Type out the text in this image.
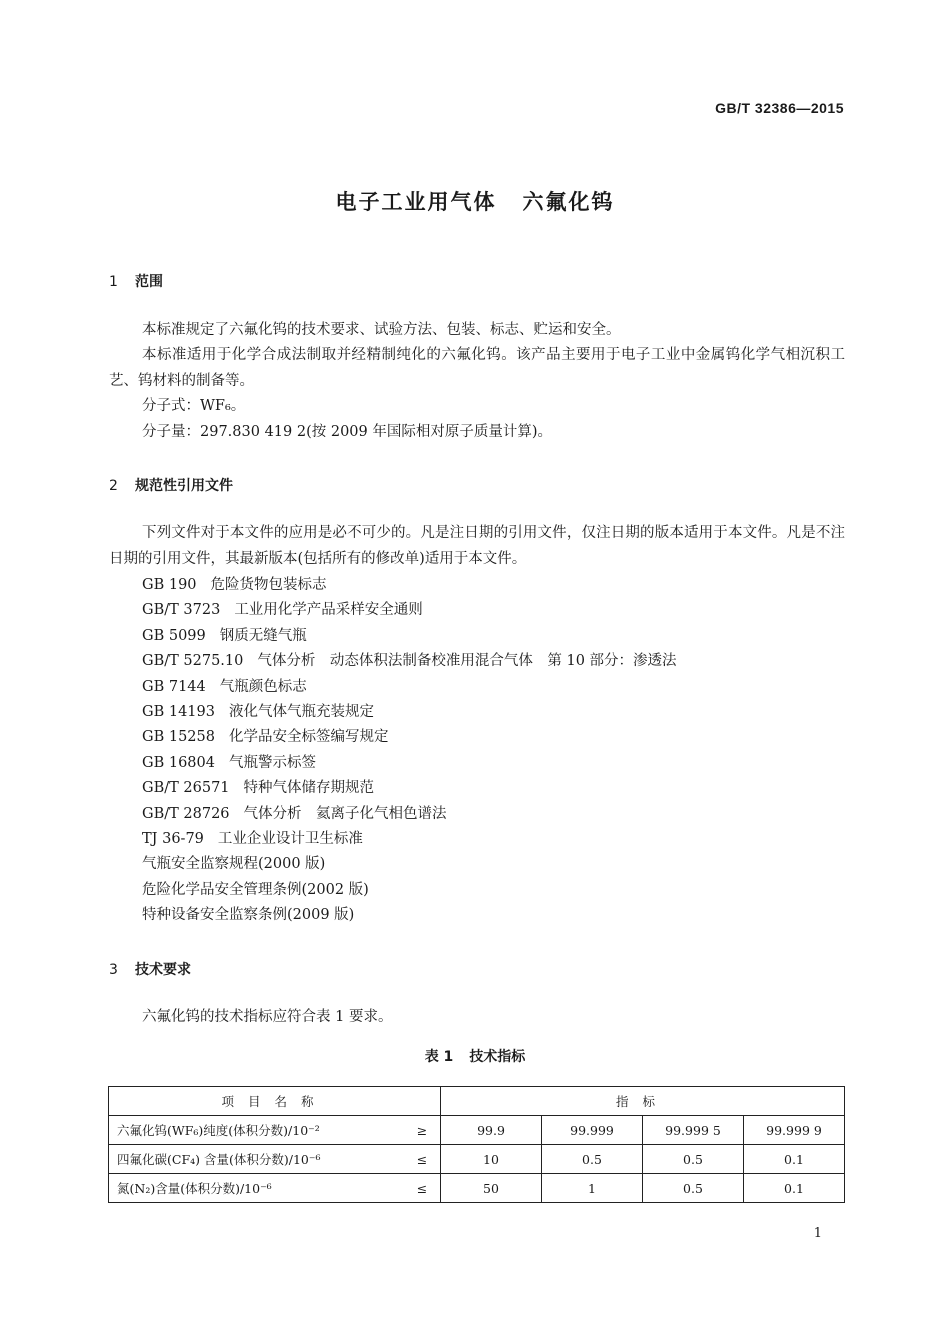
GB/T 32386—2015
电子工业用气体 六氟化钨
1 范围
本标准规定了六氟化钨的技术要求、试验方法、包装、标志、贮运和安全。
本标准适用于化学合成法制取并经精制纯化的六氟化钨。该产品主要用于电子工业中金属钨化学气相沉积工艺、钨材料的制备等。
分子式：WF₆。
分子量：297.830 419 2(按 2009 年国际相对原子质量计算)。
2 规范性引用文件
下列文件对于本文件的应用是必不可少的。凡是注日期的引用文件，仅注日期的版本适用于本文件。凡是不注日期的引用文件，其最新版本(包括所有的修改单)适用于本文件。
GB 190 危险货物包装标志
GB/T 3723 工业用化学产品采样安全通则
GB 5099 钢质无缝气瓶
GB/T 5275.10 气体分析　动态体积法制备校准用混合气体　第 10 部分：渗透法
GB 7144 气瓶颜色标志
GB 14193 液化气体气瓶充装规定
GB 15258 化学品安全标签编写规定
GB 16804 气瓶警示标签
GB/T 26571 特种气体储存期规范
GB/T 28726 气体分析　氦离子化气相色谱法
TJ 36-79 工业企业设计卫生标准
气瓶安全监察规程(2000 版)
危险化学品安全管理条例(2002 版)
特种设备安全监察条例(2009 版)
3 技术要求
六氟化钨的技术指标应符合表 1 要求。
表 1 技术指标
项目名称		指标			
六氟化钨(WF₆)纯度(体积分数)/10⁻²	≥	99.9	99.999	99.999 5	99.999 9
四氟化碳(CF₄) 含量(体积分数)/10⁻⁶	≤	10	0.5	0.5	0.1
氮(N₂)含量(体积分数)/10⁻⁶	≤	50	1	0.5	0.1
1
